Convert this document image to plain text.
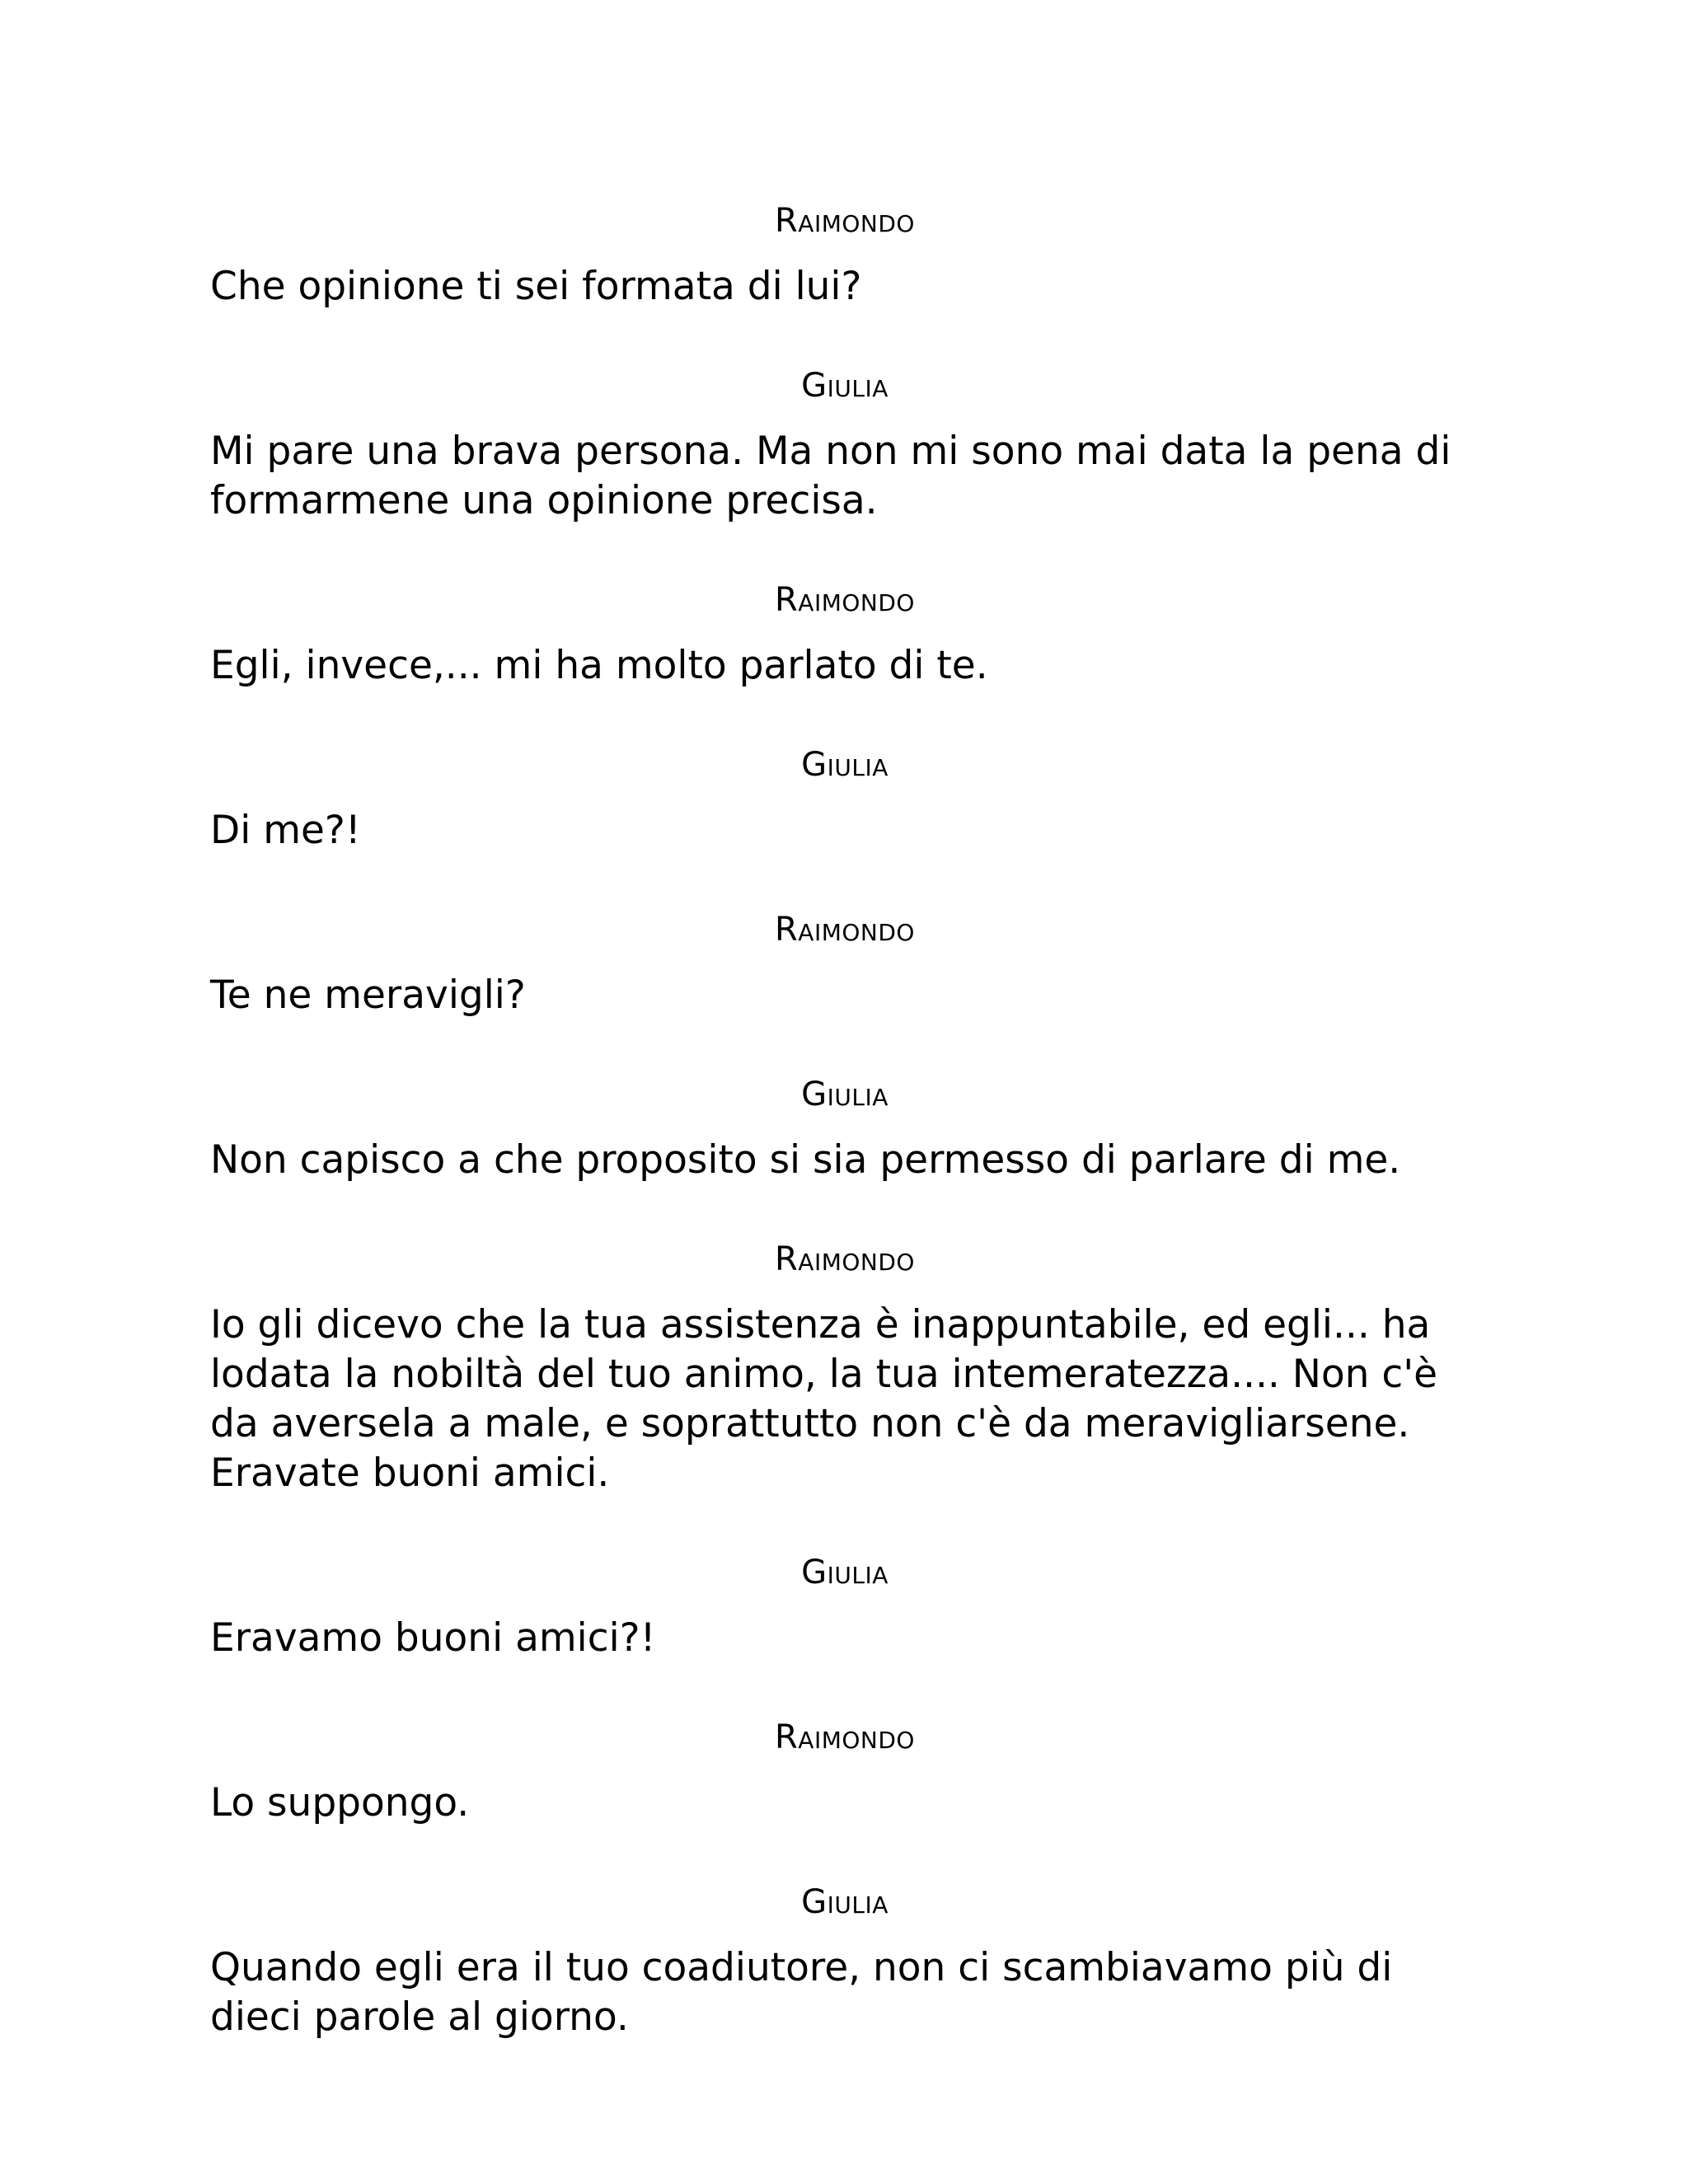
Raimondo
Che opinione ti sei formata di lui?
Giulia
Mi pare una brava persona. Ma non mi sono mai data la pena di formarmene una opinione precisa.
Raimondo
Egli, invece,... mi ha molto parlato di te.
Giulia
Di me?!
Raimondo
Te ne meravigli?
Giulia
Non capisco a che proposito si sia permesso di parlare di me.
Raimondo
Io gli dicevo che la tua assistenza è inappuntabile, ed egli... ha lodata la nobiltà del tuo animo, la tua intemeratezza.... Non c'è da aversela a male, e soprattutto non c'è da meravigliarsene. Eravate buoni amici.
Giulia
Eravamo buoni amici?!
Raimondo
Lo suppongo.
Giulia
Quando egli era il tuo coadiutore, non ci scambiavamo più di dieci parole al giorno.
